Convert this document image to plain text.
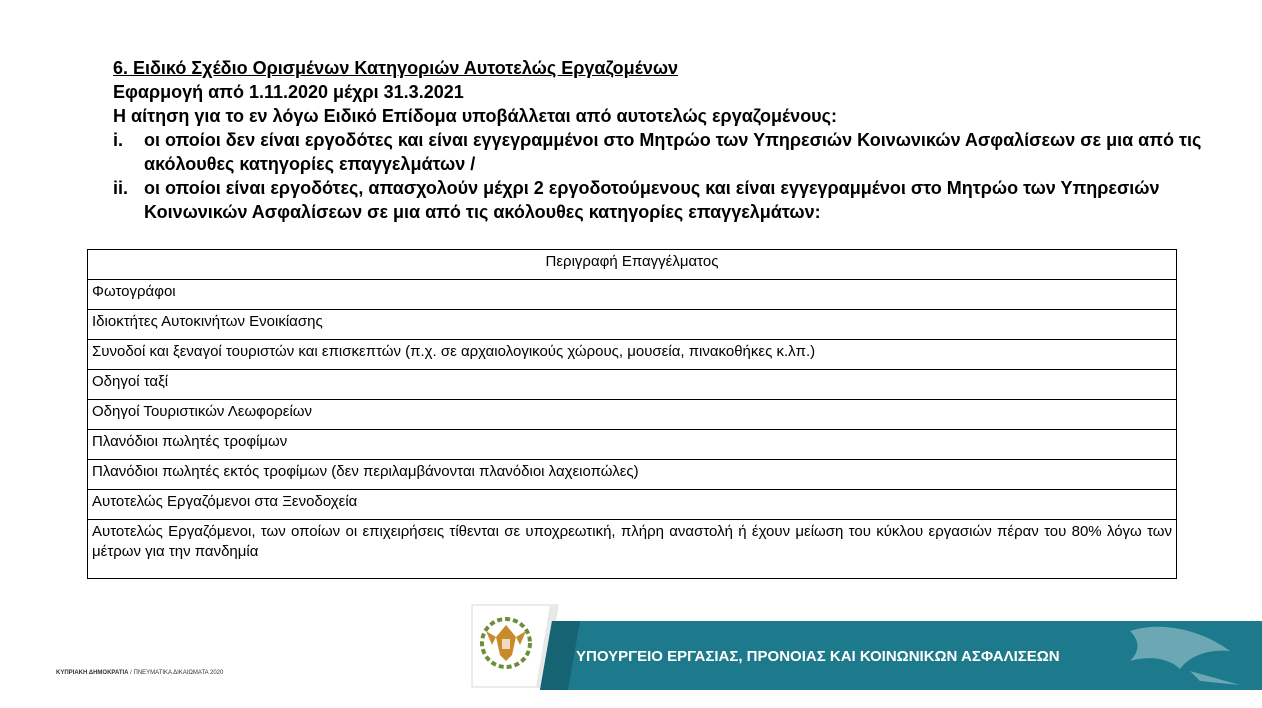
6. Ειδικό Σχέδιο Ορισμένων Κατηγοριών Αυτοτελώς Εργαζομένων
Εφαρμογή από 1.11.2020 μέχρι 31.3.2021
Η αίτηση για το εν λόγω Ειδικό Επίδομα υποβάλλεται από αυτοτελώς εργαζομένους:
i.	οι οποίοι δεν είναι εργοδότες και είναι εγγεγραμμένοι στο Μητρώο των Υπηρεσιών Κοινωνικών Ασφαλίσεων σε μια από τις ακόλουθες κατηγορίες επαγγελμάτων /
ii. οι οποίοι είναι εργοδότες, απασχολούν μέχρι 2 εργοδοτούμενους και είναι εγγεγραμμένοι στο Μητρώο των Υπηρεσιών Κοινωνικών Ασφαλίσεων σε μια από τις ακόλουθες κατηγορίες επαγγελμάτων:
Περιγραφή Επαγγέλματος
Φωτογράφοι
Ιδιοκτήτες Αυτοκινήτων Ενοικίασης
Συνοδοί και ξεναγοί τουριστών και επισκεπτών (π.χ. σε αρχαιολογικούς χώρους, μουσεία, πινακοθήκες κ.λπ.)
Οδηγοί ταξί
Οδηγοί Τουριστικών Λεωφορείων
Πλανόδιοι πωλητές τροφίμων
Πλανόδιοι πωλητές εκτός τροφίμων (δεν περιλαμβάνονται πλανόδιοι λαχειοπώλες)
Αυτοτελώς Εργαζόμενοι στα Ξενοδοχεία
Αυτοτελώς Εργαζόμενοι, των οποίων οι επιχειρήσεις τίθενται σε υποχρεωτική, πλήρη αναστολή ή έχουν μείωση του κύκλου εργασιών πέραν του 80% λόγω των μέτρων για την πανδημία
ΚΥΠΡΙΑΚΗ ΔΗΜΟΚΡΑΤΙΑ / ΠΝΕΥΜΑΤΙΚΑ ΔΙΚΑΙΩΜΑΤΑ 2020
ΥΠΟΥΡΓΕΙΟ ΕΡΓΑΣΙΑΣ, ΠΡΟΝΟΙΑΣ ΚΑΙ ΚΟΙΝΩΝΙΚΩΝ ΑΣΦΑΛΙΣΕΩΝ
